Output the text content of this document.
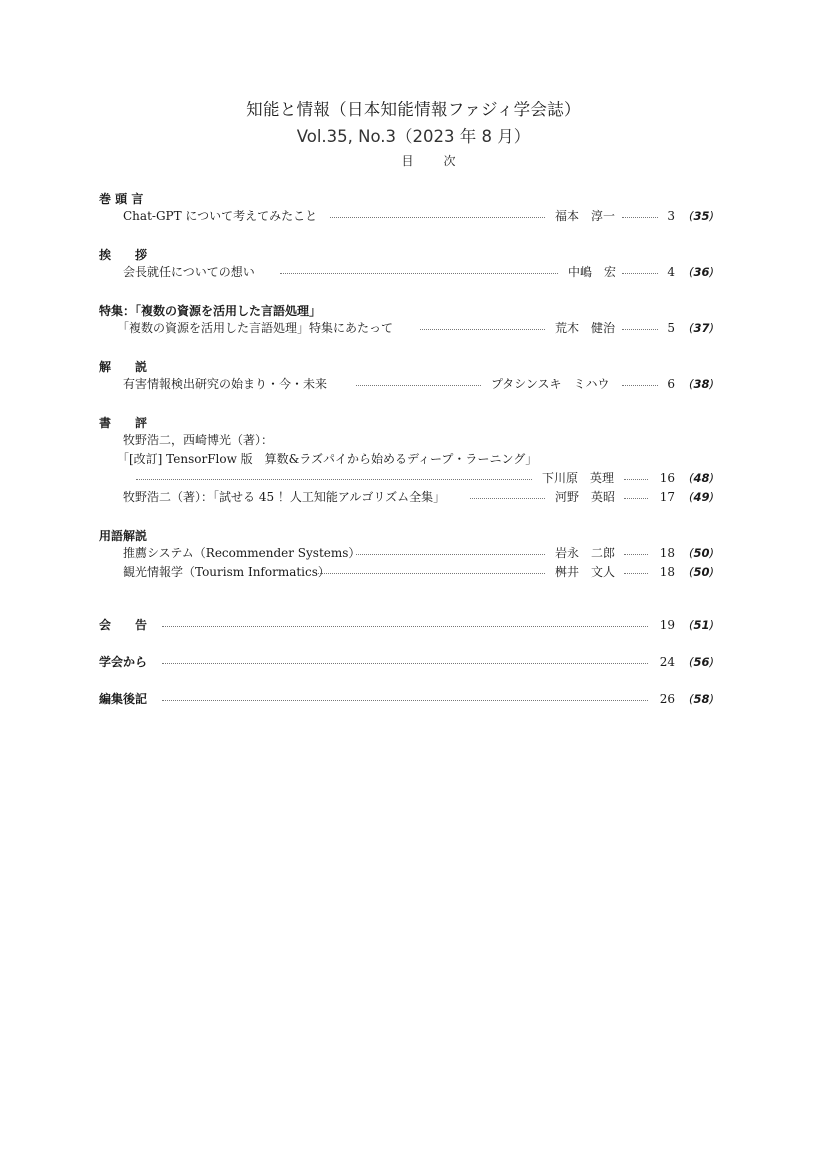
知能と情報（日本知能情報ファジィ学会誌）
Vol.35, No.3（2023 年 8 月）
目次
巻 頭 言
Chat-GPT について考えてみたこと	福本　淳一	3 (35)
挨　　拶
会長就任についての想い	中嶋　宏	4 (36)
特集：「複数の資源を活用した言語処理」
「複数の資源を活用した言語処理」特集にあたって	荒木　健治	5 (37)
解　　説
有害情報検出研究の始まり・今・未来	プタシンスキ　ミハウ	6 (38)
書　　評
牧野浩二，西崎博光（著）：
「[改訂] TensorFlow 版　算数&ラズパイから始めるディープ・ラーニング」
下川原　英理	16 (48)
牧野浩二（著）：「試せる 45 ！人工知能アルゴリズム全集」	河野　英昭	17 (49)
用語解説
推薦システム（Recommender Systems）	岩永　二郎	18 (50)
観光情報学（Tourism Informatics）	桝井　文人	18 (50)
会　　告	19 (51)
学会から	24 (56)
編集後記	26 (58)
